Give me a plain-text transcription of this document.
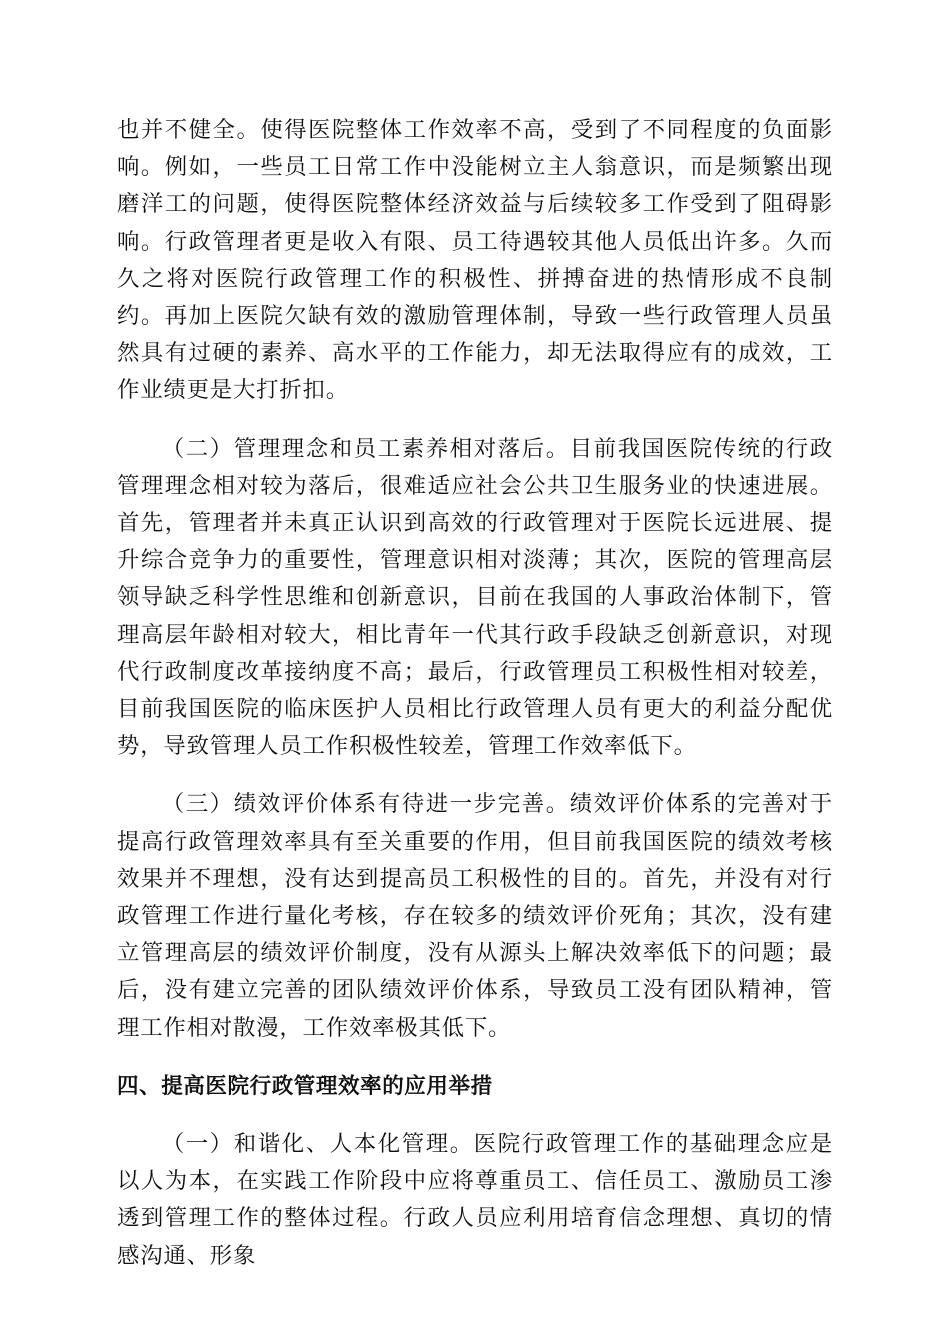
也并不健全。使得医院整体工作效率不高，受到了不同程度的负面影响。例如，一些员工日常工作中没能树立主人翁意识，而是频繁出现磨洋工的问题，使得医院整体经济效益与后续较多工作受到了阻碍影响。行政管理者更是收入有限、员工待遇较其他人员低出许多。久而久之将对医院行政管理工作的积极性、拼搏奋进的热情形成不良制约。再加上医院欠缺有效的激励管理体制，导致一些行政管理人员虽然具有过硬的素养、高水平的工作能力，却无法取得应有的成效，工作业绩更是大打折扣。

（二）管理理念和员工素养相对落后。目前我国医院传统的行政管理理念相对较为落后，很难适应社会公共卫生服务业的快速进展。首先，管理者并未真正认识到高效的行政管理对于医院长远进展、提升综合竞争力的重要性，管理意识相对淡薄；其次，医院的管理高层领导缺乏科学性思维和创新意识，目前在我国的人事政治体制下，管理高层年龄相对较大，相比青年一代其行政手段缺乏创新意识，对现代行政制度改革接纳度不高；最后，行政管理员工积极性相对较差，目前我国医院的临床医护人员相比行政管理人员有更大的利益分配优势，导致管理人员工作积极性较差，管理工作效率低下。

（三）绩效评价体系有待进一步完善。绩效评价体系的完善对于提高行政管理效率具有至关重要的作用，但目前我国医院的绩效考核效果并不理想，没有达到提高员工积极性的目的。首先，并没有对行政管理工作进行量化考核，存在较多的绩效评价死角；其次，没有建立管理高层的绩效评价制度，没有从源头上解决效率低下的问题；最后，没有建立完善的团队绩效评价体系，导致员工没有团队精神，管理工作相对散漫，工作效率极其低下。

四、提高医院行政管理效率的应用举措

（一）和谐化、人本化管理。医院行政管理工作的基础理念应是以人为本，在实践工作阶段中应将尊重员工、信任员工、激励员工渗透到管理工作的整体过程。行政人员应利用培育信念理想、真切的情感沟通、形象
